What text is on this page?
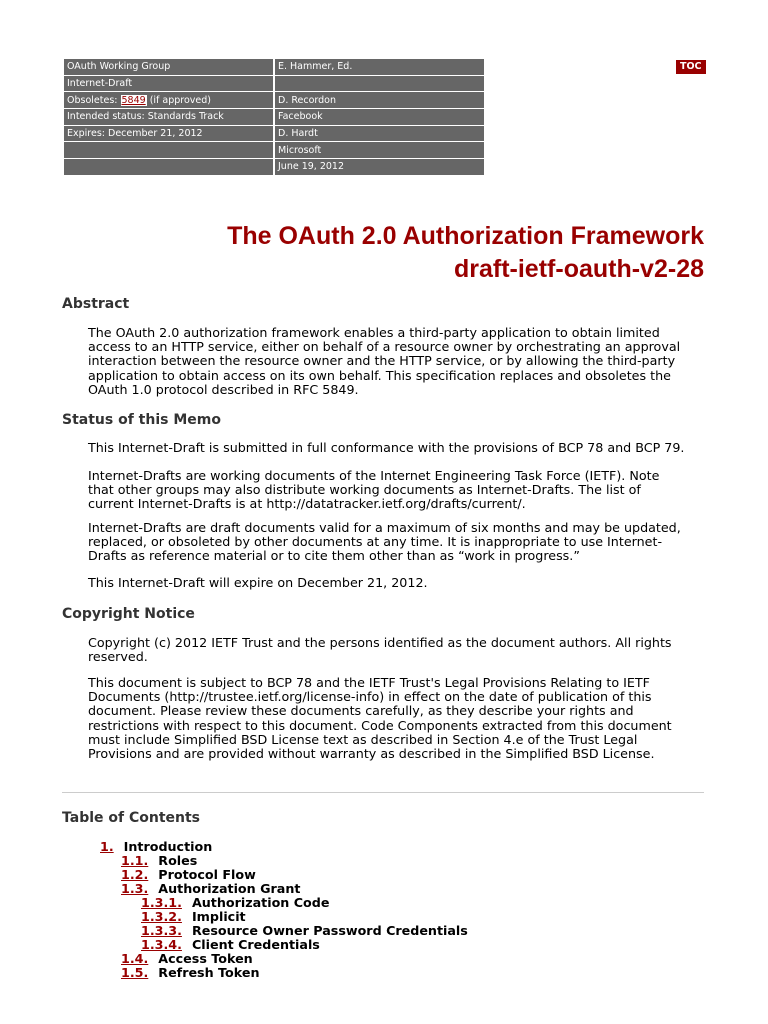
OAuth Working Group	E. Hammer, Ed.
Internet-Draft	
Obsoletes: 5849 (if approved)	D. Recordon
Intended status: Standards Track	Facebook
Expires: December 21, 2012	D. Hardt
	Microsoft
	June 19, 2012
TOC
The OAuth 2.0 Authorization Framework
draft-ietf-oauth-v2-28
Abstract

The OAuth 2.0 authorization framework enables a third-party application to obtain limited access to an HTTP service, either on behalf of a resource owner by orchestrating an approval interaction between the resource owner and the HTTP service, or by allowing the third-party application to obtain access on its own behalf. This specification replaces and obsoletes the OAuth 1.0 protocol described in RFC 5849.

Status of this Memo

This Internet-Draft is submitted in full conformance with the provisions of BCP 78 and BCP 79.

Internet-Drafts are working documents of the Internet Engineering Task Force (IETF). Note that other groups may also distribute working documents as Internet-Drafts. The list of current Internet-Drafts is at http://datatracker.ietf.org/drafts/current/.

Internet-Drafts are draft documents valid for a maximum of six months and may be updated, replaced, or obsoleted by other documents at any time. It is inappropriate to use Internet-Drafts as reference material or to cite them other than as “work in progress.”

This Internet-Draft will expire on December 21, 2012.

Copyright Notice

Copyright (c) 2012 IETF Trust and the persons identified as the document authors. All rights reserved.

This document is subject to BCP 78 and the IETF Trust's Legal Provisions Relating to IETF Documents (http://trustee.ietf.org/license-info) in effect on the date of publication of this document. Please review these documents carefully, as they describe your rights and restrictions with respect to this document. Code Components extracted from this document must include Simplified BSD License text as described in Section 4.e of the Trust Legal Provisions and are provided without warranty as described in the Simplified BSD License.

Table of Contents
1. Introduction
1.1. Roles
1.2. Protocol Flow
1.3. Authorization Grant
1.3.1. Authorization Code
1.3.2. Implicit
1.3.3. Resource Owner Password Credentials
1.3.4. Client Credentials
1.4. Access Token
1.5. Refresh Token
